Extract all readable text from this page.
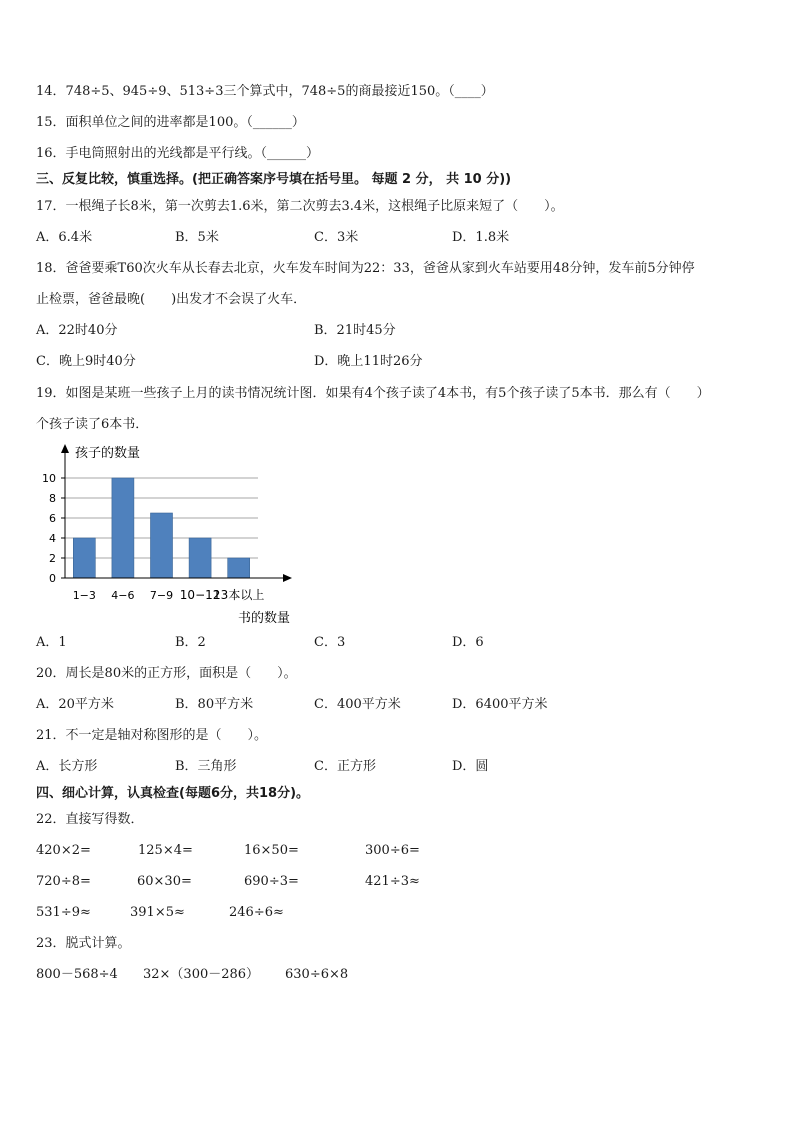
14．748÷5、945÷9、513÷3三个算式中，748÷5的商最接近150。（____）
15．面积单位之间的进率都是100。（______）
16．手电筒照射出的光线都是平行线。（______）
三、反复比较，慎重选择。(把正确答案序号填在括号里。 每题 2 分， 共 10 分))
17．一根绳子长8米，第一次剪去1.6米，第二次剪去3.4米，这根绳子比原来短了（　　）。
A．6.4米	B．5米	C．3米	D．1.8米
18．爸爸要乘T60次火车从长春去北京，火车发车时间为22：33，爸爸从家到火车站要用48分钟，发车前5分钟停
止检票，爸爸最晚(　　)出发才不会误了火车．
A．22时40分	B．21时45分
C．晚上9时40分	D．晚上11时26分
19．如图是某班一些孩子上月的读书情况统计图．如果有4个孩子读了4本书，有5个孩子读了5本书．那么有（　　）
个孩子读了6本书．
0
2
4
6
8
10
1−3 4−6 7−9 10−12
13本以上
孩子的数量
书的数量
A．1	B．2	C．3	D．6
20．周长是80米的正方形，面积是（　　）。
A．20平方米	B．80平方米	C．400平方米	D．6400平方米
21．不一定是轴对称图形的是（　　）。
A．长方形	B．三角形	C．正方形	D．圆
四、细心计算，认真检查(每题6分，共18分)。
22．直接写得数．
420×2=	125×4=	16×50=	300÷6=
720÷8=	60×30=	690÷3=	421÷3≈
531÷9≈	391×5≈	246÷6≈
23．脱式计算。
800－568÷4 32×（300－286） 630÷6×8
